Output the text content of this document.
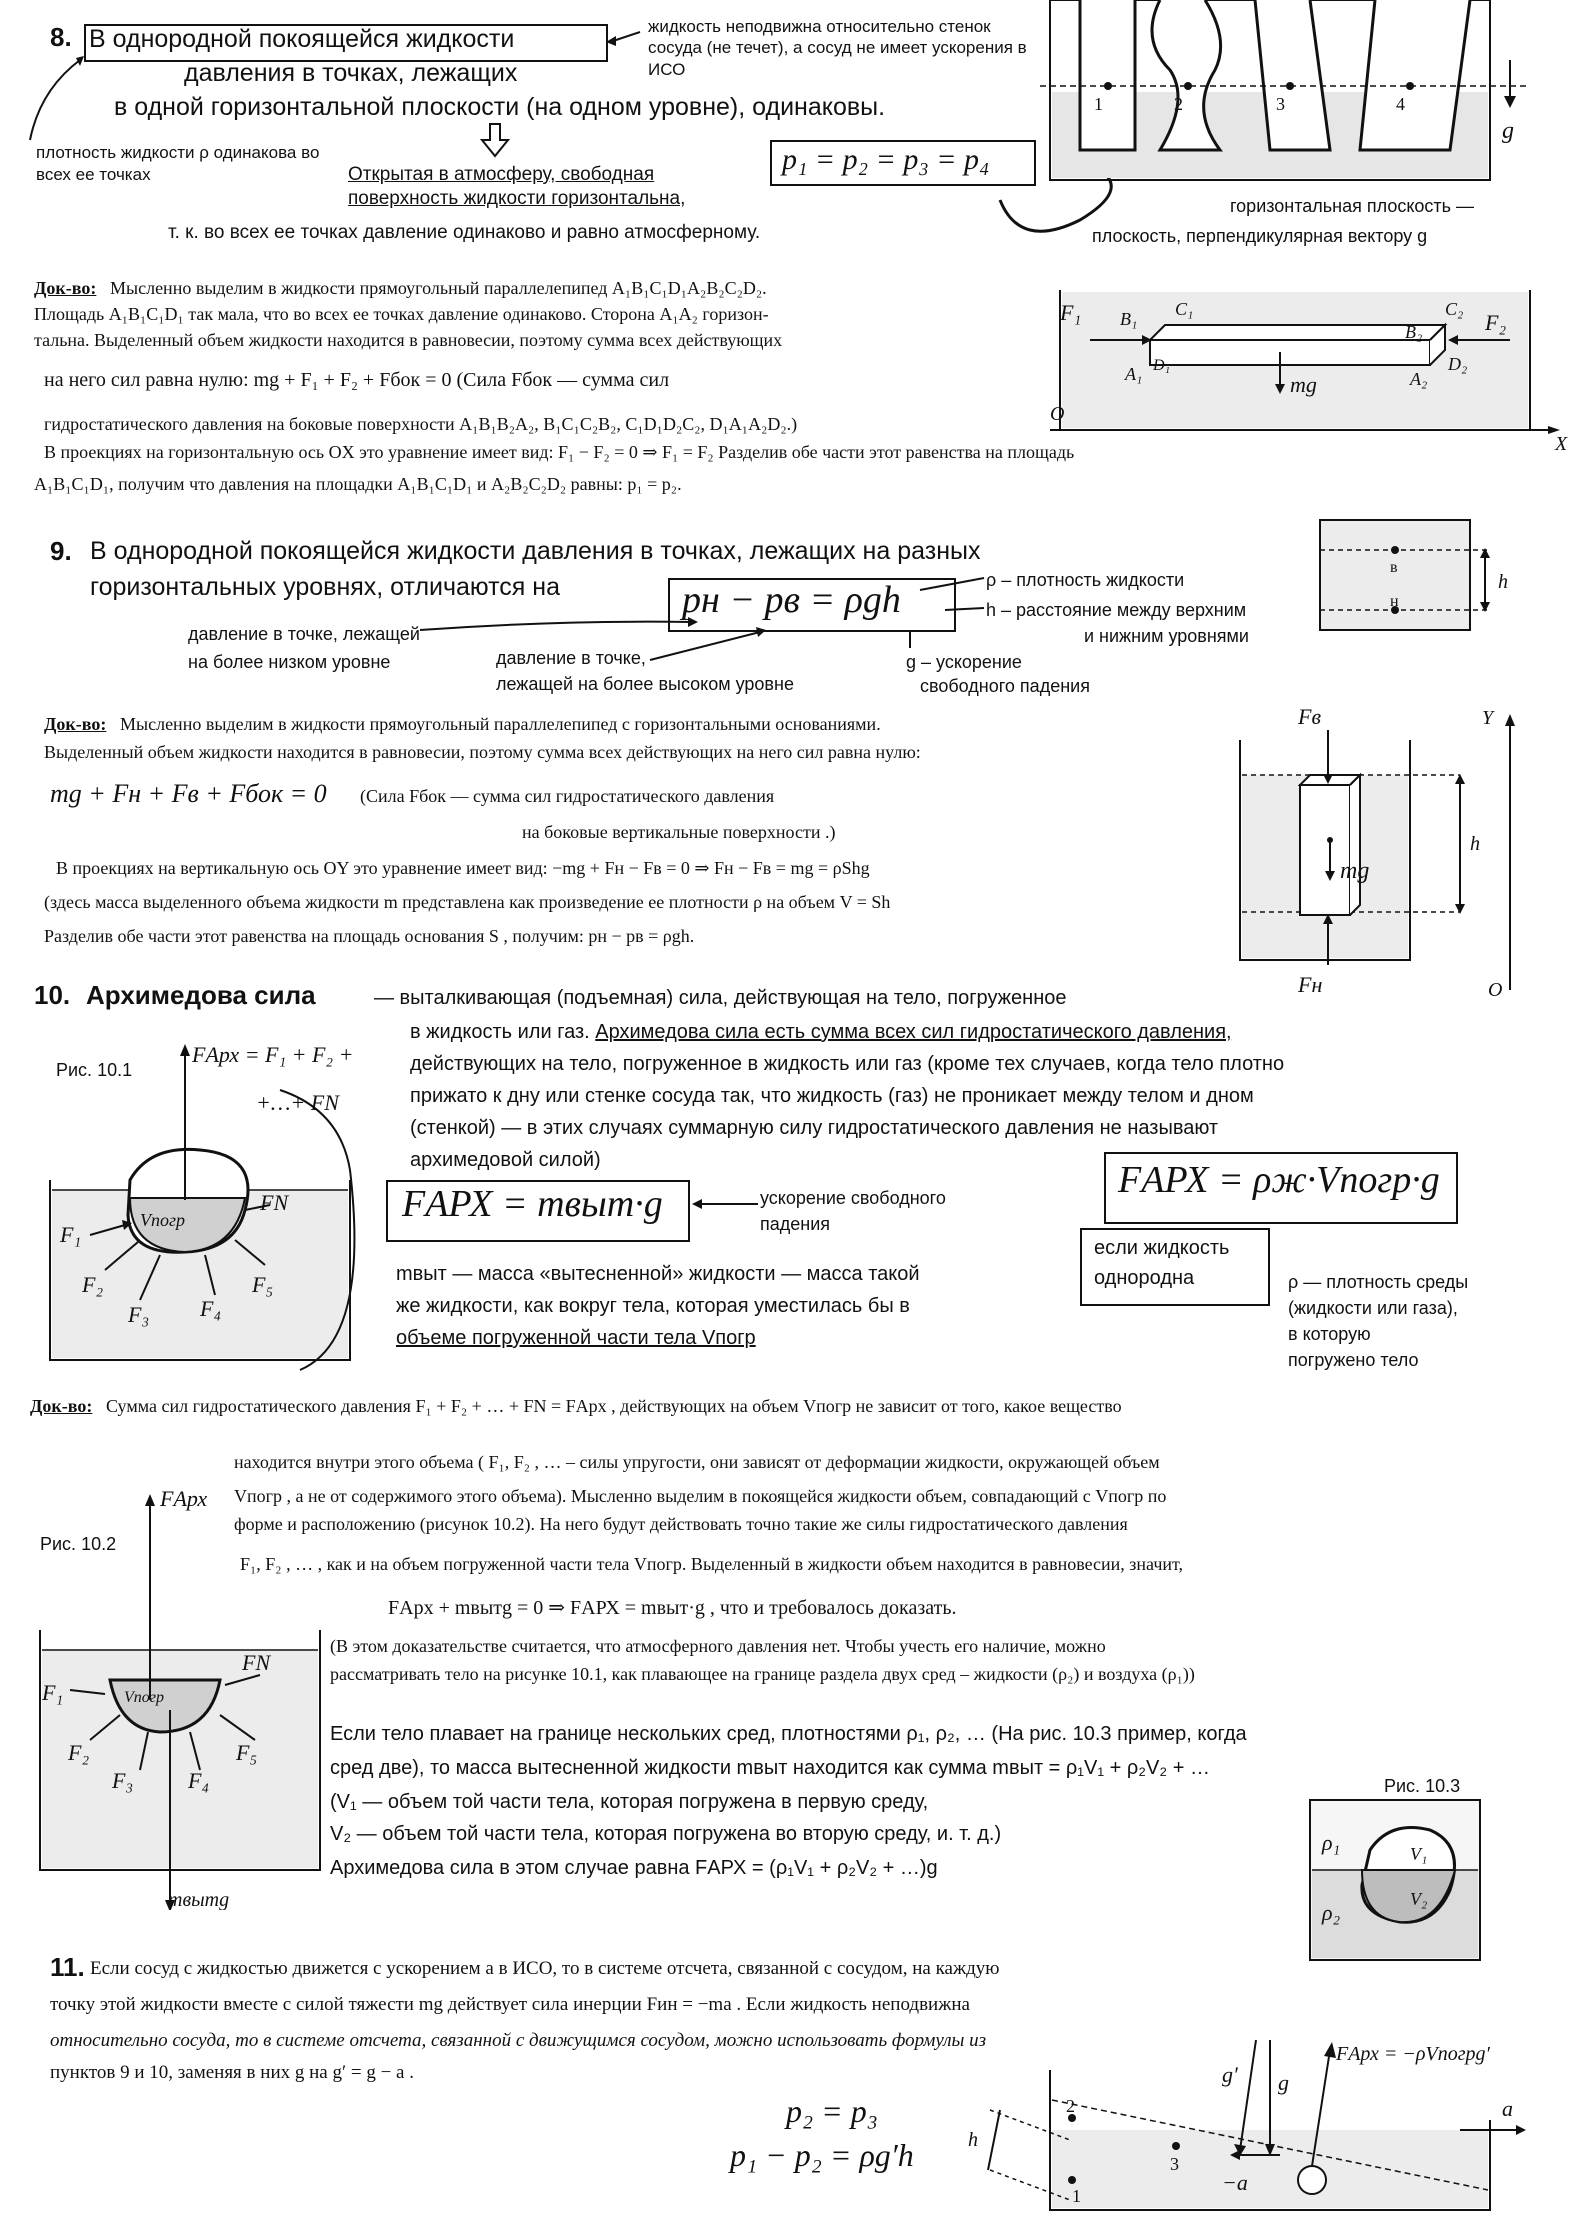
8. В однородной покоящейся жидкости
давления в точках, лежащих
в одной горизонтальной плоскости (на одном уровне), одинаковы.
жидкость неподвижна относительно стенок сосуда (не течет), а сосуд не имеет ускорения в ИСО
плотность жидкости ρ одинакова во всех ее точках	Открытая в атмосферу, свободная
поверхность жидкости горизонтальна,
т. к. во всех ее точках давление одинаково и равно атмосферному.
p₁ = p₂ = p₃ = p₄
горизонтальная плоскость —
плоскость, перпендикулярная вектору g
1	2	3	4
g
Док-во: Мысленно выделим в жидкости прямоугольный параллелепипед A₁B₁C₁D₁A₂B₂C₂D₂.
Площадь A₁B₁C₁D₁ так мала, что во всех ее точках давление одинаково. Сторона A₁A₂ горизон-
тальна. Выделенный объем жидкости находится в равновесии, поэтому сумма всех действующих
на него сил равна нулю: mg + F₁ + F₂ + Fбок = 0 (Сила Fбок — сумма сил
гидростатического давления на боковые поверхности A₁B₁B₂A₂, B₁C₁C₂B₂, C₁D₁D₂C₂, D₁A₁A₂D₂.)
В проекциях на горизонтальную ось OX это уравнение имеет вид: F₁ − F₂ = 0 ⇒ F₁ = F₂ Разделив обе части этот равенства на площадь
A₁B₁C₁D₁, получим что давления на площадки A₁B₁C₁D₁ и A₂B₂C₂D₂ равны: p₁ = p₂.
F₁ B₁ C₁	C₂
B₂	F₂
A₁ D₁
mg	A₂
D₂
O
X
9. В однородной покоящейся жидкости давления в точках, лежащих на разных
горизонтальных уровнях, отличаются на	pн − pв = ρgh	ρ – плотность жидкости
h – расстояние между верхним
и нижним уровнями
g – ускорение
свободного падения
давление в точке, лежащей
на более низком уровне	давление в точке,
лежащей на более высоком уровне
в
н
h
Док-во: Мысленно выделим в жидкости прямоугольный параллелепипед с горизонтальными основаниями.
Выделенный объем жидкости находится в равновесии, поэтому сумма всех действующих на него сил равна нулю:
mg + Fн + Fв + Fбок = 0 (Сила Fбок — сумма сил гидростатического давления
на боковые вертикальные поверхности .)
В проекциях на вертикальную ось OY это уравнение имеет вид: −mg + Fн − Fв = 0 ⇒ Fн − Fв = mg = ρShg
(здесь масса выделенного объема жидкости m представлена как произведение ее плотности ρ на объем V = Sh
Разделив обе части этот равенства на площадь основания S , получим: pн − pв = ρgh.
Fв	Y
h
mg
Fн	O
10. Архимедова сила	— выталкивающая (подъемная) сила, действующая на тело, погруженное
в жидкость или газ. Архимедова сила есть сумма всех сил гидростатического давления,
действующих на тело, погруженное в жидкость или газ (кроме тех случаев, когда тело плотно
прижато к дну или стенке сосуда так, что жидкость (газ) не проникает между телом и дном
(стенкой) — в этих случаях суммарную силу гидростатического давления не называют
архимедовой силой)
Рис. 10.1
FАрх = F₁ + F₂ +
+…+ FN
F₁
F₂
F₃ F₄
F₅
FN
Vпогр	FАРХ = mвыт·g	ускорение свободного
падения
mвыт — масса «вытесненной» жидкости — масса такой
же жидкости, как вокруг тела, которая уместилась бы в
объеме погруженной части тела Vпогр
FАРХ = ρж·Vпогр·g
если жидкость
однородна	ρ — плотность среды
(жидкости или газа),
в которую
погружено тело
Док-во: Сумма сил гидростатического давления F₁ + F₂ + … + FN = FАрх , действующих на объем Vпогр не зависит от того, какое вещество
находится внутри этого объема ( F₁, F₂ , … – силы упругости, они зависят от деформации жидкости, окружающей объем
Vпогр , а не от содержимого этого объема). Мысленно выделим в покоящейся жидкости объем, совпадающий с Vпогр по
форме и расположению (рисунок 10.2). На него будут действовать точно такие же силы гидростатического давления
F₁, F₂ , … , как и на объем погруженной части тела Vпогр. Выделенный в жидкости объем находится в равновесии, значит,
FАрх + mвытg = 0 ⇒ FАРХ = mвыт·g , что и требовалось доказать.
(В этом доказательстве считается, что атмосферного давления нет. Чтобы учесть его наличие, можно
рассматривать тело на рисунке 10.1, как плавающее на границе раздела двух сред – жидкости (ρ₂) и воздуха (ρ₁))
Рис. 10.2
FАрх
F₁
FN
F₂
F₃ F₄
F₅
Vпогр
mвытg
Если тело плавает на границе нескольких сред, плотностями ρ₁, ρ₂, … (На рис. 10.3 пример, когда
сред две), то масса вытесненной жидкости mвыт находится как сумма mвыт = ρ₁V₁ + ρ₂V₂ + …
(V₁ — объем той части тела, которая погружена в первую среду,
V₂ — объем той части тела, которая погружена во вторую среду, и. т. д.)
Архимедова сила в этом случае равна FАРХ = (ρ₁V₁ + ρ₂V₂ + …)g
Рис. 10.3
ρ₁
ρ₂
V₁
V₂
11. Если сосуд с жидкостью движется с ускорением a в ИСО, то в системе отсчета, связанной с сосудом, на каждую
точку этой жидкости вместе с силой тяжести mg действует сила инерции Fин = −ma . Если жидкость неподвижна
относительно сосуда, то в системе отсчета, связанной с движущимся сосудом, можно использовать формулы из
пунктов 9 и 10, заменяя в них g на g′ = g − a .
p₂ = p₃
p₁ − p₂ = ρg′h	h
2
1
3
g′ g
−a
FАрх = −ρVпогрg′
a
